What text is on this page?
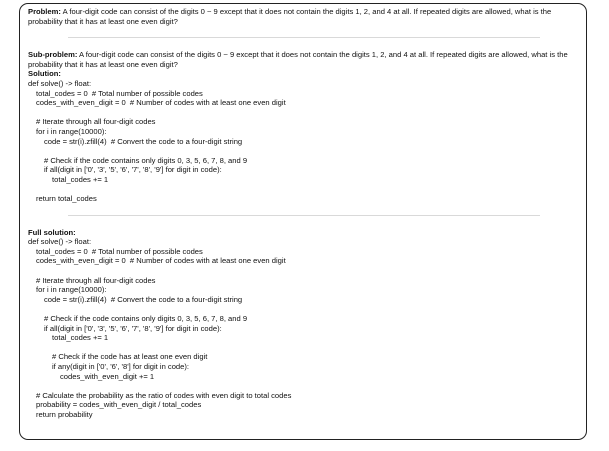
Problem: A four-digit code can consist of the digits 0 ~ 9 except that it does not contain the digits 1, 2, and 4 at all. If repeated digits are allowed, what is the probability that it has at least one even digit?

Sub-problem: A four-digit code can consist of the digits 0 ~ 9 except that it does not contain the digits 1, 2, and 4 at all. If repeated digits are allowed, what is the probability that it has at least one even digit?

Solution:
def solve() -> float:
total_codes = 0  # Total number of possible codes
codes_with_even_digit = 0  # Number of codes with at least one even digit
# Iterate through all four-digit codes
for i in range(10000):
code = str(i).zfill(4)  # Convert the code to a four-digit string
# Check if the code contains only digits 0, 3, 5, 6, 7, 8, and 9
if all(digit in ['0', '3', '5', '6', '7', '8', '9'] for digit in code):
total_codes += 1
return total_codes
Full solution:
def solve() -> float:
total_codes = 0  # Total number of possible codes
codes_with_even_digit = 0  # Number of codes with at least one even digit
# Iterate through all four-digit codes
for i in range(10000):
code = str(i).zfill(4)  # Convert the code to a four-digit string
# Check if the code contains only digits 0, 3, 5, 6, 7, 8, and 9
if all(digit in ['0', '3', '5', '6', '7', '8', '9'] for digit in code):
total_codes += 1
# Check if the code has at least one even digit
if any(digit in ['0', '6', '8'] for digit in code):
codes_with_even_digit += 1
# Calculate the probability as the ratio of codes with even digit to total codes
probability = codes_with_even_digit / total_codes
return probability
